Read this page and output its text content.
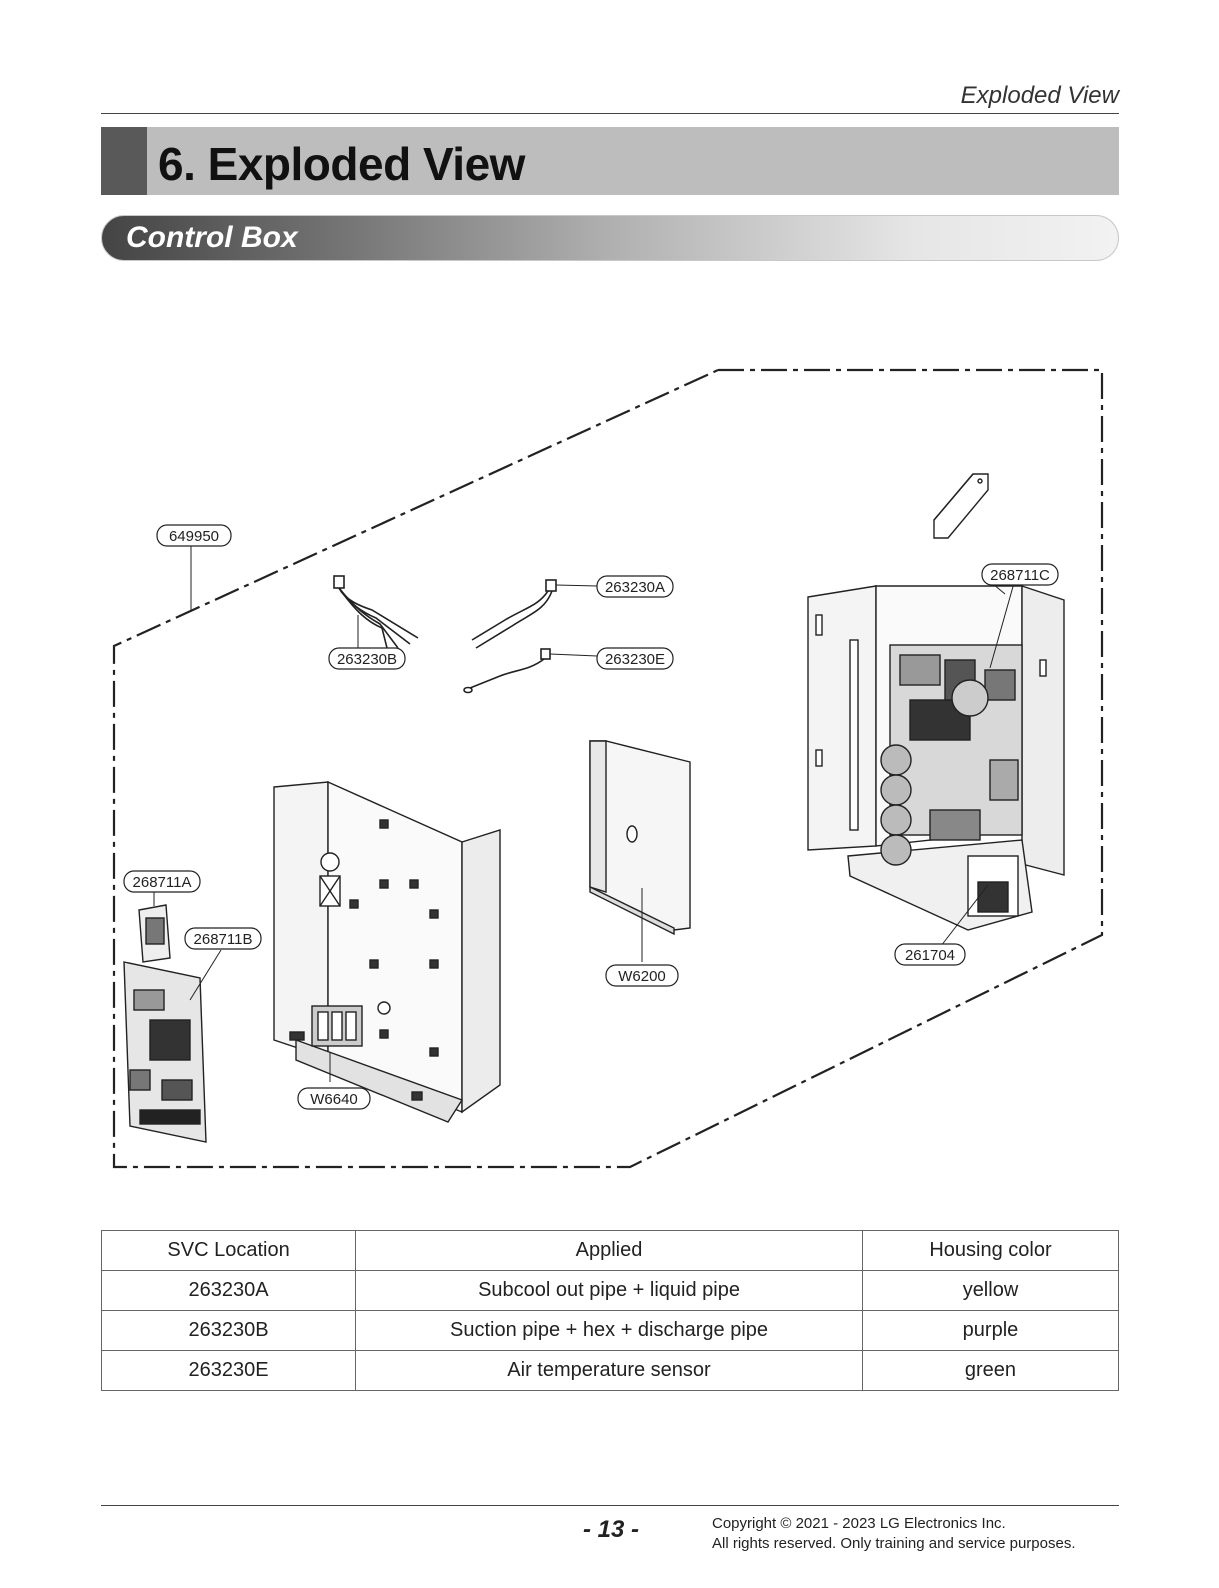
Exploded View
6. Exploded View
Control Box
649950
263230A
263230B	263230E
268711C
268711A
268711B
W6200
261704
W6640
SVC Location	Applied	Housing color
263230A	Subcool out pipe + liquid pipe	yellow
263230B	Suction pipe + hex + discharge pipe	purple
263230E	Air temperature sensor	green
- 13 -	Copyright © 2021 - 2023 LG Electronics Inc.
All rights reserved. Only training and service purposes.
